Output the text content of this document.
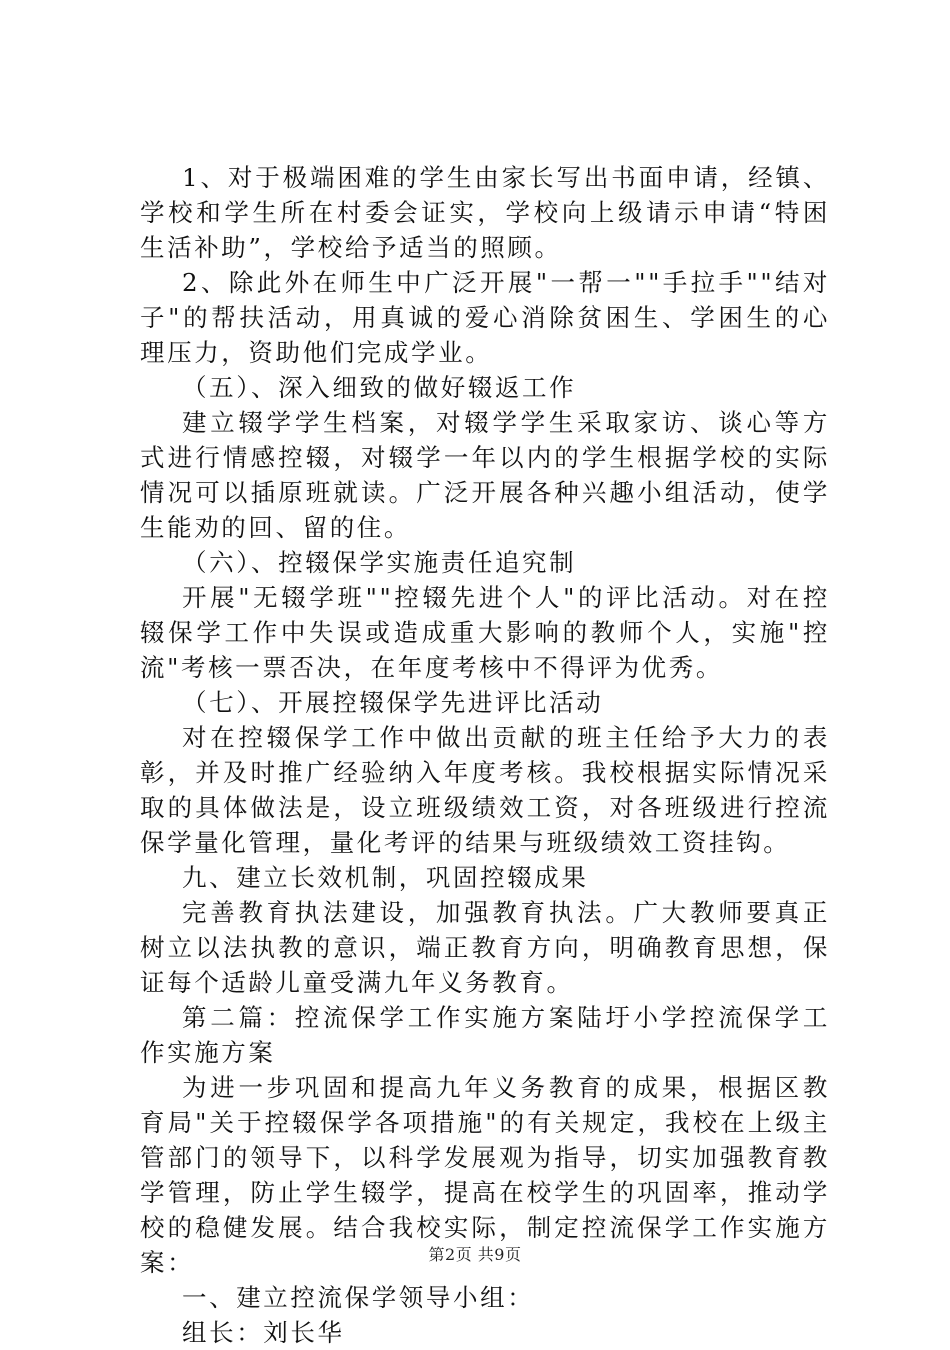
1、对于极端困难的学生由家长写出书面申请，经镇、学校和学生所在村委会证实，学校向上级请示申请“特困生活补助”，学校给予适当的照顾。

2、除此外在师生中广泛开展"一帮一""手拉手""结对子"的帮扶活动，用真诚的爱心消除贫困生、学困生的心理压力，资助他们完成学业。

（五）、深入细致的做好辍返工作

建立辍学学生档案，对辍学学生采取家访、谈心等方式进行情感控辍，对辍学一年以内的学生根据学校的实际情况可以插原班就读。广泛开展各种兴趣小组活动，使学生能劝的回、留的住。

（六）、控辍保学实施责任追究制

开展"无辍学班""控辍先进个人"的评比活动。对在控辍保学工作中失误或造成重大影响的教师个人，实施"控流"考核一票否决，在年度考核中不得评为优秀。

（七）、开展控辍保学先进评比活动

对在控辍保学工作中做出贡献的班主任给予大力的表彰，并及时推广经验纳入年度考核。我校根据实际情况采取的具体做法是，设立班级绩效工资，对各班级进行控流保学量化管理，量化考评的结果与班级绩效工资挂钩。

九、建立长效机制，巩固控辍成果

完善教育执法建设，加强教育执法。广大教师要真正树立以法执教的意识，端正教育方向，明确教育思想，保证每个适龄儿童受满九年义务教育。

第二篇：控流保学工作实施方案陆圩小学控流保学工作实施方案

为进一步巩固和提高九年义务教育的成果，根据区教育局"关于控辍保学各项措施"的有关规定，我校在上级主管部门的领导下，以科学发展观为指导，切实加强教育教学管理，防止学生辍学，提高在校学生的巩固率，推动学校的稳健发展。结合我校实际，制定控流保学工作实施方案：

一、建立控流保学领导小组：

组长：刘长华

第2页 共9页
